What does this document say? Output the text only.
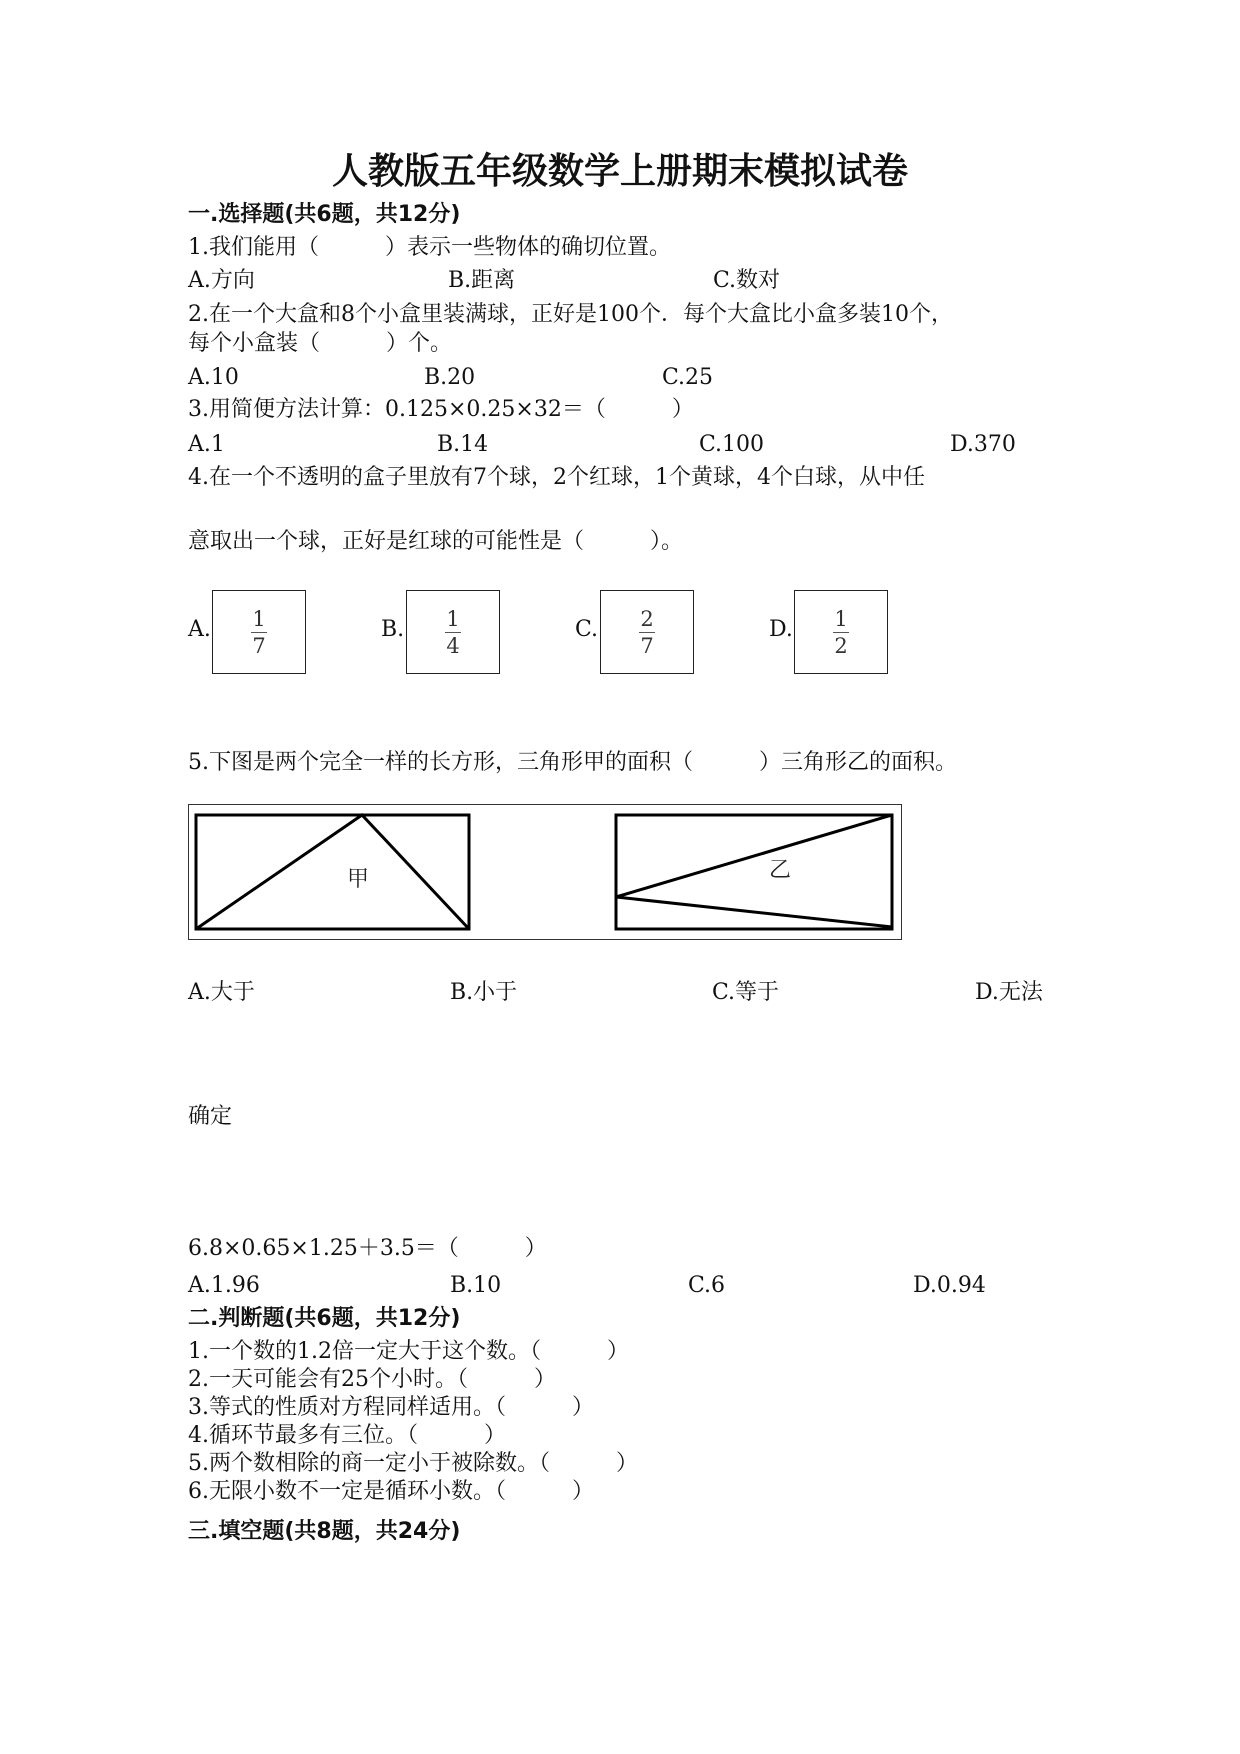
人教版五年级数学上册期末模拟试卷
一.选择题(共6题，共12分)
1.我们能用（　　　）表示一些物体的确切位置。
A.方向	B.距离	C.数对
2.在一个大盒和8个小盒里装满球，正好是100个．每个大盒比小盒多装10个，
每个小盒装（　　　）个。
A.10	B.20	C.25
3.用简便方法计算：0.125×0.25×32＝（　　　）
A.1	B.14	C.100	D.370
4.在一个不透明的盒子里放有7个球，2个红球，1个黄球，4个白球，从中任
意取出一个球，正好是红球的可能性是（　　　）。
A.	1
7
B.	1
4
C.	2
7
D.	1
2
5.下图是两个完全一样的长方形，三角形甲的面积（　　　）三角形乙的面积。
甲	乙
A.大于	B.小于	C.等于	D.无法
确定
6.8×0.65×1.25＋3.5＝（　　　）
A.1.96	B.10	C.6	D.0.94
二.判断题(共6题，共12分)
1.一个数的1.2倍一定大于这个数。（　　　）
2.一天可能会有25个小时。（　　　）
3.等式的性质对方程同样适用。（　　　）
4.循环节最多有三位。（　　　）
5.两个数相除的商一定小于被除数。（　　　）
6.无限小数不一定是循环小数。（　　　）
三.填空题(共8题，共24分)
